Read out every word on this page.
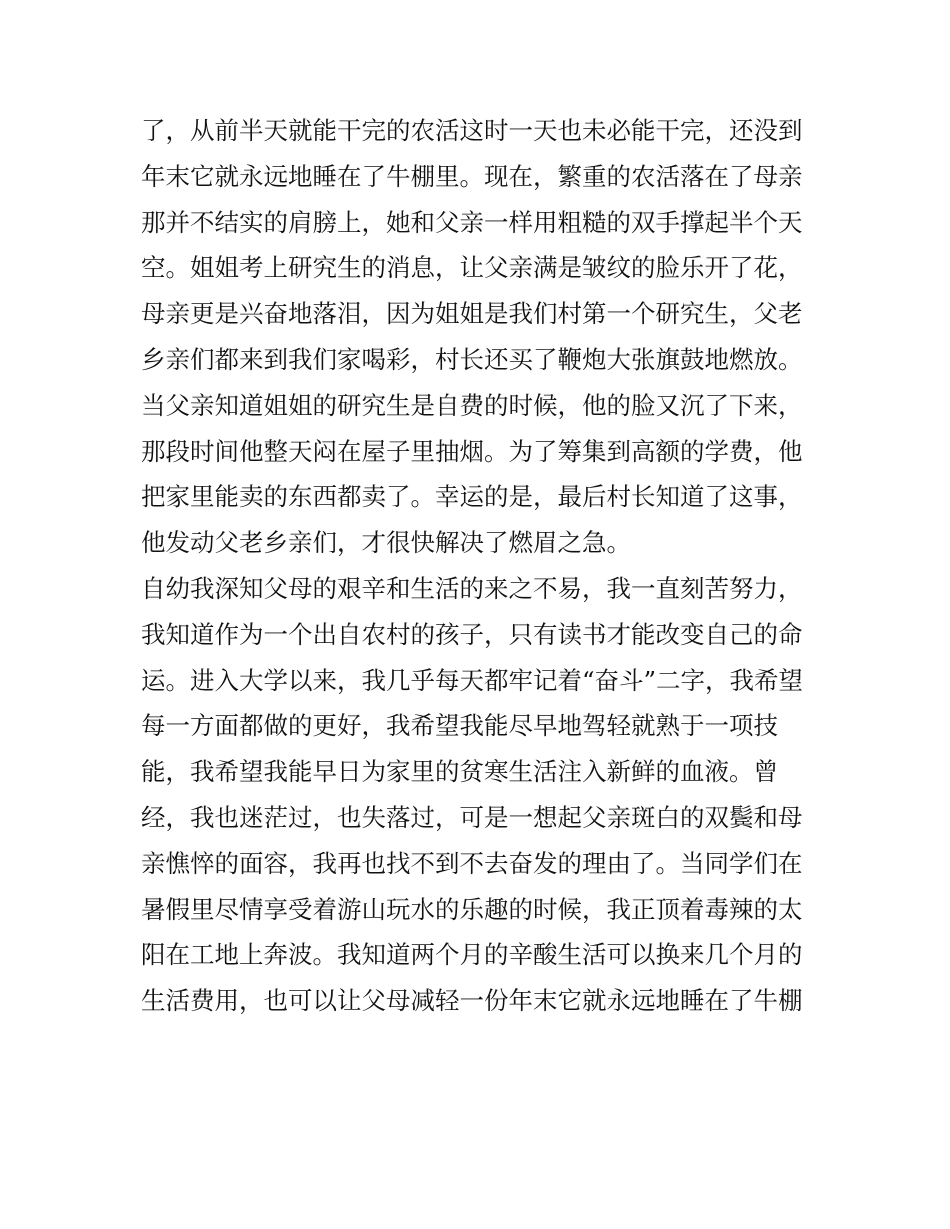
了，从前半天就能干完的农活这时一天也未必能干完，还没到
年末它就永远地睡在了牛棚里。现在，繁重的农活落在了母亲
那并不结实的肩膀上，她和父亲一样用粗糙的双手撑起半个天
空。姐姐考上研究生的消息，让父亲满是皱纹的脸乐开了花，
母亲更是兴奋地落泪，因为姐姐是我们村第一个研究生，父老
乡亲们都来到我们家喝彩，村长还买了鞭炮大张旗鼓地燃放。
当父亲知道姐姐的研究生是自费的时候，他的脸又沉了下来，
那段时间他整天闷在屋子里抽烟。为了筹集到高额的学费，他
把家里能卖的东西都卖了。幸运的是，最后村长知道了这事，
他发动父老乡亲们，才很快解决了燃眉之急。
自幼我深知父母的艰辛和生活的来之不易，我一直刻苦努力，
我知道作为一个出自农村的孩子，只有读书才能改变自己的命
运。进入大学以来，我几乎每天都牢记着“奋斗”二字，我希望
每一方面都做的更好，我希望我能尽早地驾轻就熟于一项技
能，我希望我能早日为家里的贫寒生活注入新鲜的血液。曾
经，我也迷茫过，也失落过，可是一想起父亲斑白的双鬓和母
亲憔悴的面容，我再也找不到不去奋发的理由了。当同学们在
暑假里尽情享受着游山玩水的乐趣的时候，我正顶着毒辣的太
阳在工地上奔波。我知道两个月的辛酸生活可以换来几个月的
生活费用，也可以让父母减轻一份年末它就永远地睡在了牛棚
